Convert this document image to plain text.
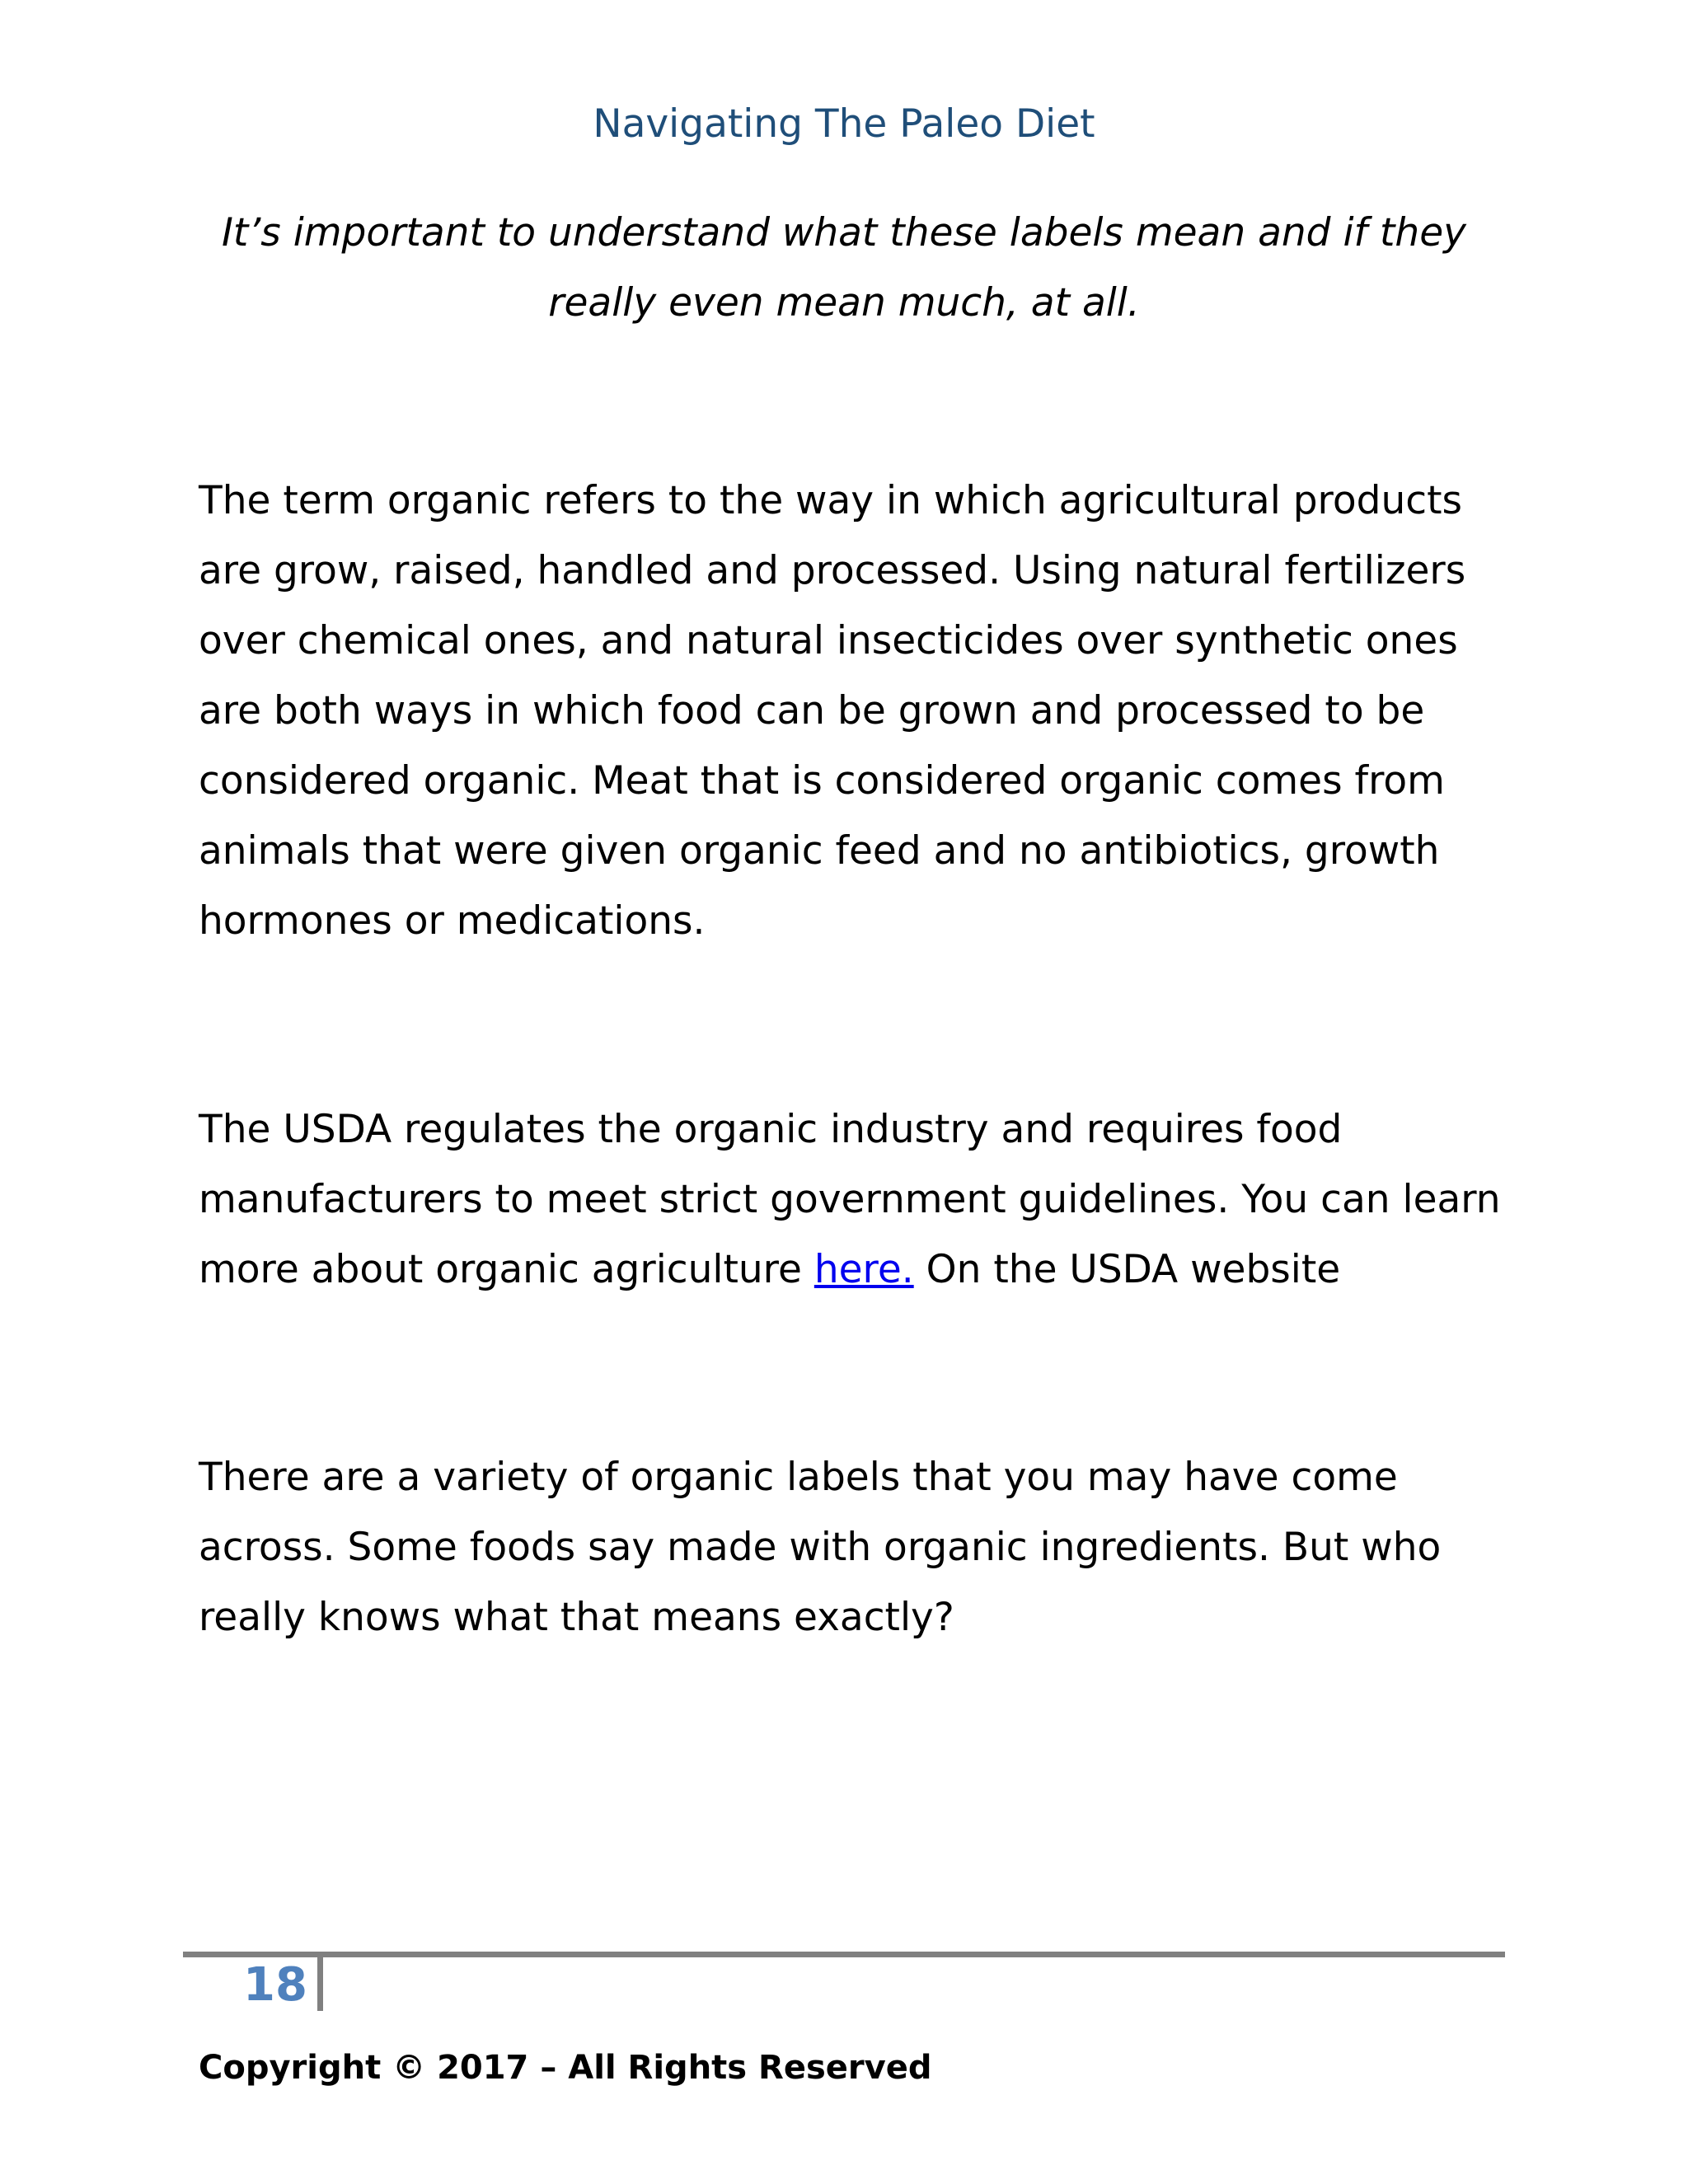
Navigating The Paleo Diet
It’s important to understand what these labels mean and if they really even mean much, at all.

The term organic refers to the way in which agricultural products are grow, raised, handled and processed. Using natural fertilizers over chemical ones, and natural insecticides over synthetic ones are both ways in which food can be grown and processed to be considered organic. Meat that is considered organic comes from animals that were given organic feed and no antibiotics, growth hormones or medications.

The USDA regulates the organic industry and requires food manufacturers to meet strict government guidelines. You can learn more about organic agriculture here. On the USDA website

There are a variety of organic labels that you may have come across. Some foods say made with organic ingredients. But who really knows what that means exactly?

18
Copyright © 2017 – All Rights Reserved
